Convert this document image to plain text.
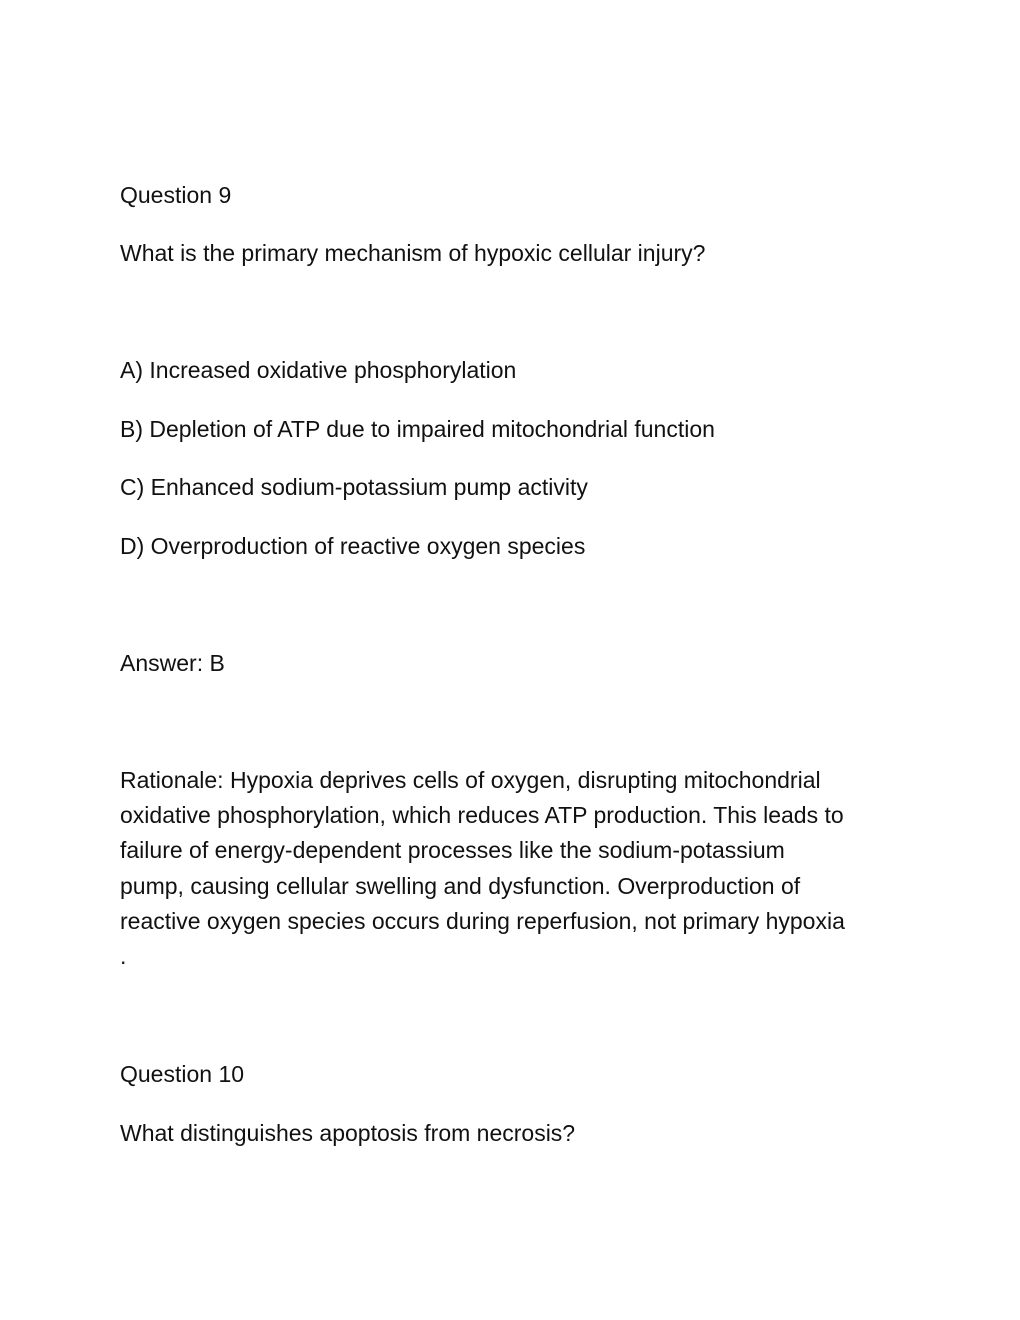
Question 9
What is the primary mechanism of hypoxic cellular injury?
A) Increased oxidative phosphorylation
B) Depletion of ATP due to impaired mitochondrial function
C) Enhanced sodium-potassium pump activity
D) Overproduction of reactive oxygen species
Answer: B
Rationale: Hypoxia deprives cells of oxygen, disrupting mitochondrial
oxidative phosphorylation, which reduces ATP production. This leads to
failure of energy-dependent processes like the sodium-potassium
pump, causing cellular swelling and dysfunction. Overproduction of
reactive oxygen species occurs during reperfusion, not primary hypoxia
.
Question 10
What distinguishes apoptosis from necrosis?
